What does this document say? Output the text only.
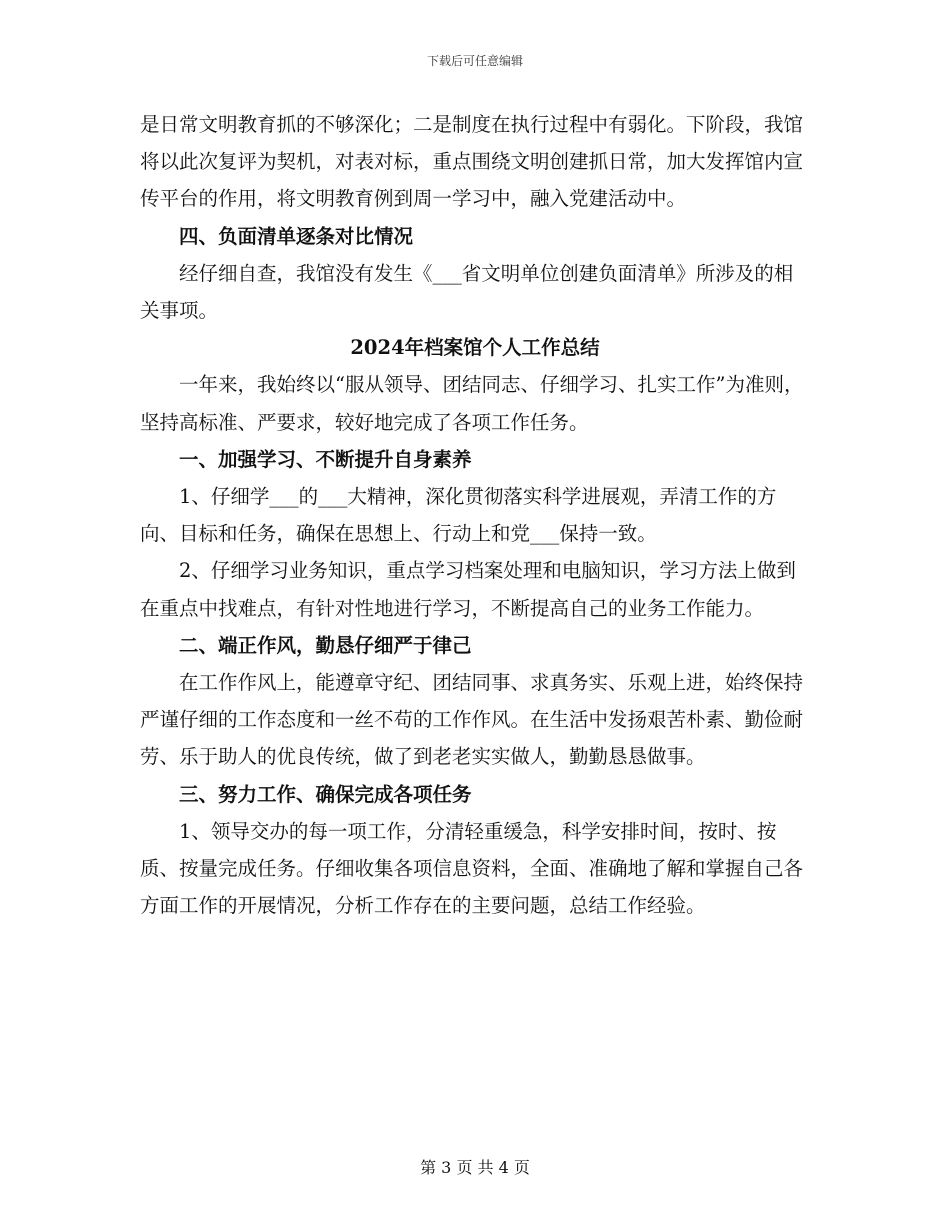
下载后可任意编辑

是日常文明教育抓的不够深化；二是制度在执行过程中有弱化。下阶段，我馆将以此次复评为契机，对表对标，重点围绕文明创建抓日常，加大发挥馆内宣传平台的作用，将文明教育例到周一学习中，融入党建活动中。

四、负面清单逐条对比情况

经仔细自查，我馆没有发生《___省文明单位创建负面清单》所涉及的相关事项。

2024年档案馆个人工作总结

一年来，我始终以“服从领导、团结同志、仔细学习、扎实工作”为准则，坚持高标准、严要求，较好地完成了各项工作任务。

一、加强学习、不断提升自身素养

1、仔细学___的___大精神，深化贯彻落实科学进展观，弄清工作的方向、目标和任务，确保在思想上、行动上和党___保持一致。

2、仔细学习业务知识，重点学习档案处理和电脑知识，学习方法上做到在重点中找难点，有针对性地进行学习，不断提高自己的业务工作能力。

二、端正作风，勤恳仔细严于律己

在工作作风上，能遵章守纪、团结同事、求真务实、乐观上进，始终保持严谨仔细的工作态度和一丝不苟的工作作风。在生活中发扬艰苦朴素、勤俭耐劳、乐于助人的优良传统，做了到老老实实做人，勤勤恳恳做事。

三、努力工作、确保完成各项任务

1、领导交办的每一项工作，分清轻重缓急，科学安排时间，按时、按质、按量完成任务。仔细收集各项信息资料，全面、准确地了解和掌握自己各方面工作的开展情况，分析工作存在的主要问题，总结工作经验。

第 3 页 共 4 页
